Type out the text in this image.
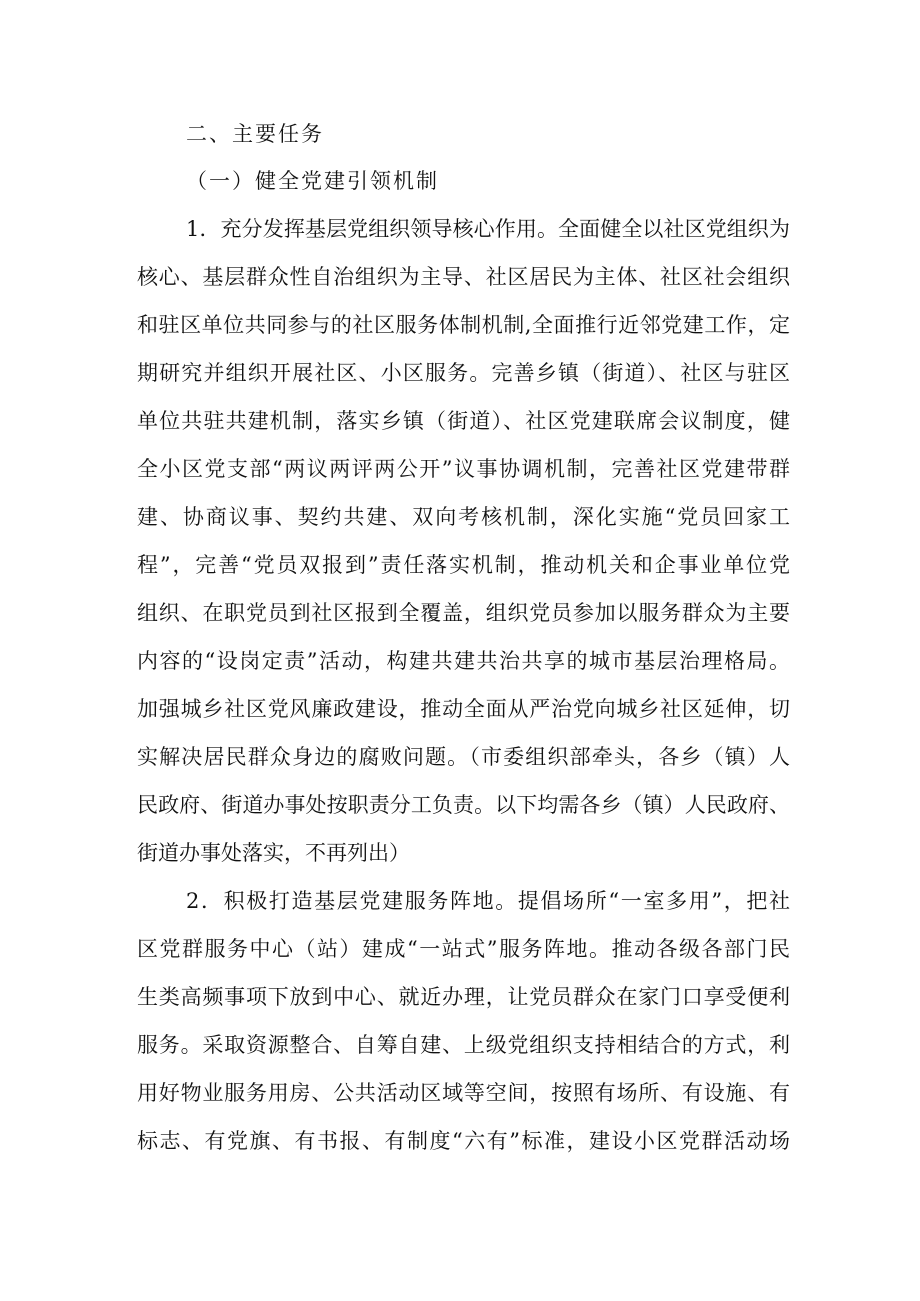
二、主要任务
（一）健全党建引领机制

1．充分发挥基层党组织领导核心作用。全面健全以社区党组织为

核心、基层群众性自治组织为主导、社区居民为主体、社区社会组织

和驻区单位共同参与的社区服务体制机制,全面推行近邻党建工作，定

期研究并组织开展社区、小区服务。完善乡镇（街道）、社区与驻区

单位共驻共建机制，落实乡镇（街道）、社区党建联席会议制度，健

全小区党支部“两议两评两公开”议事协调机制，完善社区党建带群

建、协商议事、契约共建、双向考核机制，深化实施“党员回家工

程”，完善“党员双报到”责任落实机制，推动机关和企事业单位党

组织、在职党员到社区报到全覆盖，组织党员参加以服务群众为主要

内容的“设岗定责”活动，构建共建共治共享的城市基层治理格局。

加强城乡社区党风廉政建设，推动全面从严治党向城乡社区延伸，切

实解决居民群众身边的腐败问题。（市委组织部牵头，各乡（镇）人

民政府、街道办事处按职责分工负责。以下均需各乡（镇）人民政府、

街道办事处落实，不再列出）

2．积极打造基层党建服务阵地。提倡场所“一室多用”，把社

区党群服务中心（站）建成“一站式”服务阵地。推动各级各部门民

生类高频事项下放到中心、就近办理，让党员群众在家门口享受便利

服务。采取资源整合、自筹自建、上级党组织支持相结合的方式，利

用好物业服务用房、公共活动区域等空间，按照有场所、有设施、有

标志、有党旗、有书报、有制度“六有”标准，建设小区党群活动场
